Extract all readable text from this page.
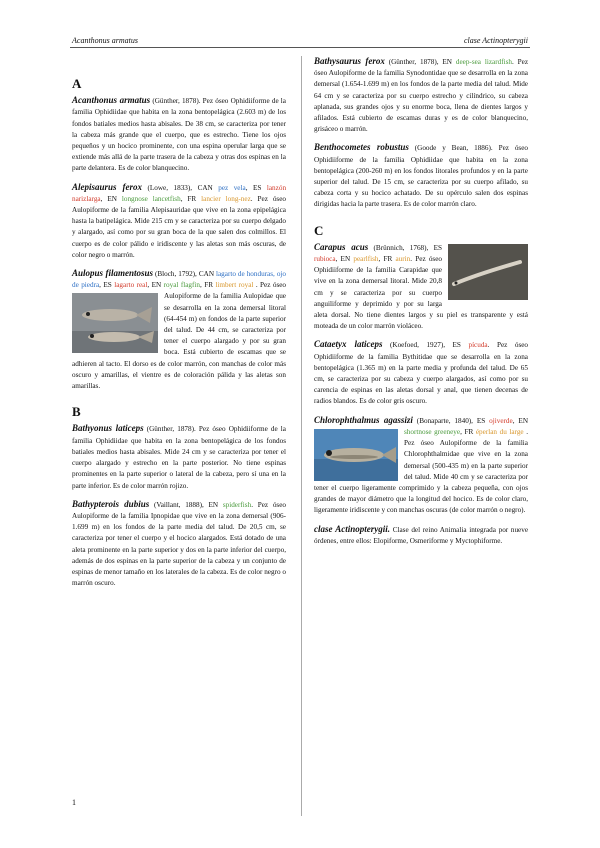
Acanthonus armatus	clase Actinopterygii
A

Acanthonus armatus (Günther, 1878). Pez óseo Ophidiiforme de la familia Ophidiidae que habita en la zona bentopelágica (2.603 m) de los fondos batiales medios hasta abisales. De 38 cm, se caracteriza por tener la cabeza más grande que el cuerpo, que es estrecho. Tiene los ojos pequeños y un hocico prominente, con una espina operular larga que se extiende más allá de la parte trasera de la cabeza y otras dos espinas en la parte delantera. Es de color blanquecino.

Alepisaurus ferox (Lowe, 1833), CAN pez vela, ES lanzón narizlarga, EN longnose lancetfish, FR lancier long-nez. Pez óseo Aulopiforme de la familia Alepisauridae que vive en la zona epipelágica hasta la batipelágica. Mide 215 cm y se caracteriza por su cuerpo delgado y alargado, así como por su gran boca de la que salen dos colmillos. El cuerpo es de color pálido e iridiscente y las aletas son más oscuras, de color negro o marrón.

Aulopus filamentosus (Bloch, 1792), CAN lagarto de honduras, ojo de piedra, ES lagarto real, EN royal flagfin, FR limbert royal . Pez óseo Aulopiforme de la familia Aulopidae que se desarrolla en la zona demersal litoral (64-454 m) en fondos de la parte superior del talud. De 44 cm, se caracteriza por tener el cuerpo alargado y por su gran boca. Está cubierto de escamas que se adhieren al tacto. El dorso es de color marrón, con manchas de color más oscuro y amarillas, el vientre es de coloración pálida y las aletas son amarillas.

B

Bathyonus laticeps (Günther, 1878). Pez óseo Ophidiiforme de la familia Ophidiidae que habita en la zona bentopelágica de los fondos batiales medios hasta abisales. Mide 24 cm y se caracteriza por tener el cuerpo alargado y estrecho en la parte posterior. No tiene espinas prominentes en la parte superior o lateral de la cabeza, pero sí una en la parte inferior. Es de color marrón rojizo.

Bathypterois dubius (Vaillant, 1888), EN spiderfish. Pez óseo Aulopiforme de la familia Ipnopidae que vive en la zona demersal (906-1.699 m) en los fondos de la parte media del talud. De 20,5 cm, se caracteriza por tener el cuerpo y el hocico alargados. Está dotado de una aleta prominente en la parte superior y dos en la parte inferior del cuerpo, además de dos espinas en la parte superior de la cabeza y un conjunto de espinas de menor tamaño en los laterales de la cabeza. Es de color negro o marrón oscuro.

Bathysaurus ferox (Günther, 1878), EN deep-sea lizardfish. Pez óseo Aulopiforme de la familia Synodontidae que se desarrolla en la zona demersal (1.654-1.699 m) en los fondos de la parte media del talud. Mide 64 cm y se caracteriza por su cuerpo estrecho y cilíndrico, su cabeza aplanada, sus grandes ojos y su enorme boca, llena de dientes largos y afilados. Está cubierto de escamas duras y es de color blanquecino, grisáceo o marrón.

Benthocometes robustus (Goode y Bean, 1886). Pez óseo Ophidiiforme de la familia Ophidiidae que habita en la zona bentopelágica (200-260 m) en los fondos litorales profundos y en la parte superior del talud. De 15 cm, se caracteriza por su cuerpo afilado, su cabeza corta y su hocico achatado. De su opérculo salen dos espinas dirigidas hacia la parte trasera. Es de color marrón claro.

C

Carapus acus (Brünnich, 1768), ES rubioca, EN pearlfish, FR aurin. Pez óseo Ophidiiforme de la familia Carapidae que vive en la zona demersal litoral. Mide 20,8 cm y se caracteriza por su cuerpo anguiliforme y deprimido y por su larga aleta dorsal. No tiene dientes largos y su piel es transparente y está moteada de un color marrón violáceo.

Cataetyx laticeps (Koefoed, 1927), ES pícuda. Pez óseo Ophidiiforme de la familia Bythitidae que se desarrolla en la zona bentopelágica (1.365 m) en la parte media y profunda del talud. De 65 cm, se caracteriza por su cabeza y cuerpo alargados, así como por su carencia de espinas en las aletas dorsal y anal, que tienen decenas de radios blandos. Es de color gris oscuro.

Chlorophthalmus agassizi (Bonaparte, 1840), ES ojiverde, EN shortnose greeneye, FR éperlan du large . Pez óseo Aulopiforme de la familia Chlorophthalmidae que vive en la zona demersal (500-435 m) en la parte superior del talud. Mide 40 cm y se caracteriza por tener el cuerpo ligeramente comprimido y la cabeza pequeña, con ojos grandes de mayor diámetro que la longitud del hocico. Es de color claro, ligeramente iridiscente y con manchas oscuras (de color marrón o negro).

clase Actinopterygii. Clase del reino Animalia integrada por nueve órdenes, entre ellos: Elopiforme, Osmeriforme y Myctophiforme.

1
